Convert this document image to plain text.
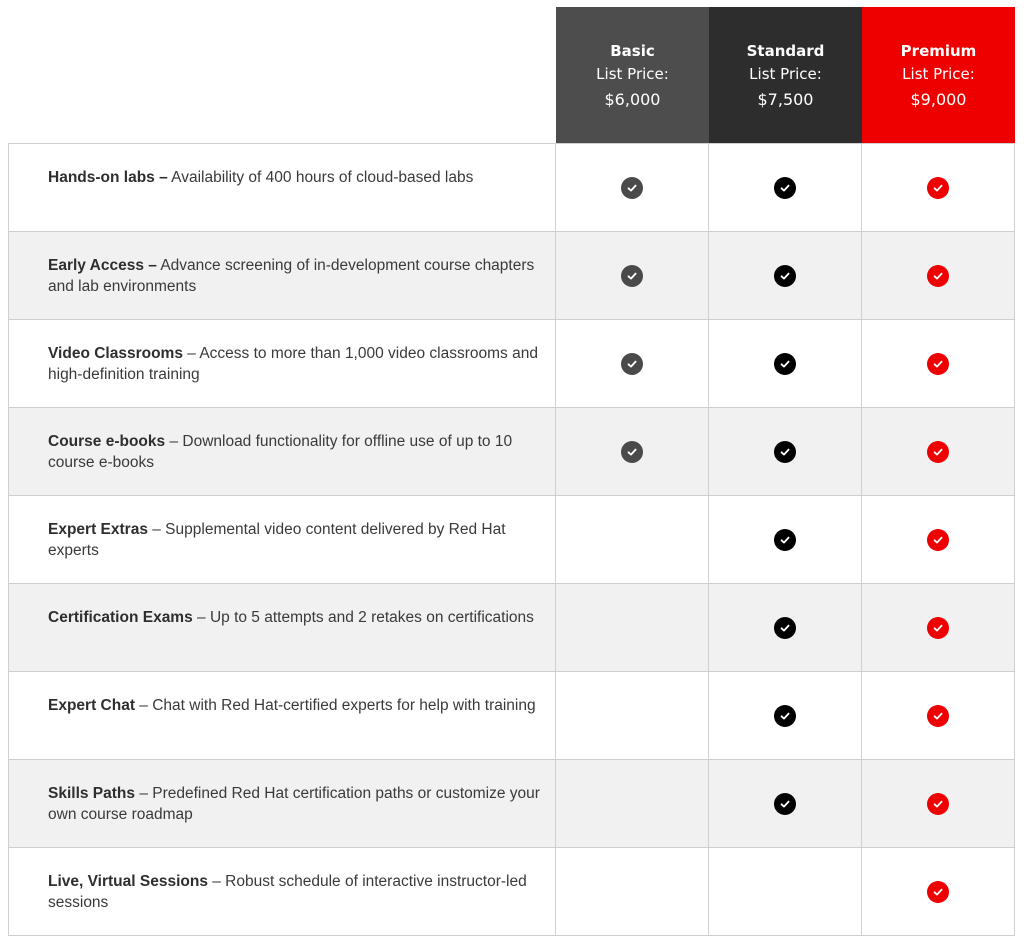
Basic
List Price:
$6,000
Standard
List Price:
$7,500
Premium
List Price:
$9,000
Hands-on labs – Availability of 400 hours of cloud-based labs
Early Access – Advance screening of in-development course chapters and lab environments
Video Classrooms – Access to more than 1,000 video classrooms and high-definition training
Course e-books – Download functionality for offline use of up to 10 course e-books
Expert Extras – Supplemental video content delivered by Red Hat experts
Certification Exams – Up to 5 attempts and 2 retakes on certifications
Expert Chat – Chat with Red Hat-certified experts for help with training
Skills Paths – Predefined Red Hat certification paths or customize your own course roadmap
Live, Virtual Sessions – Robust schedule of interactive instructor-led sessions
